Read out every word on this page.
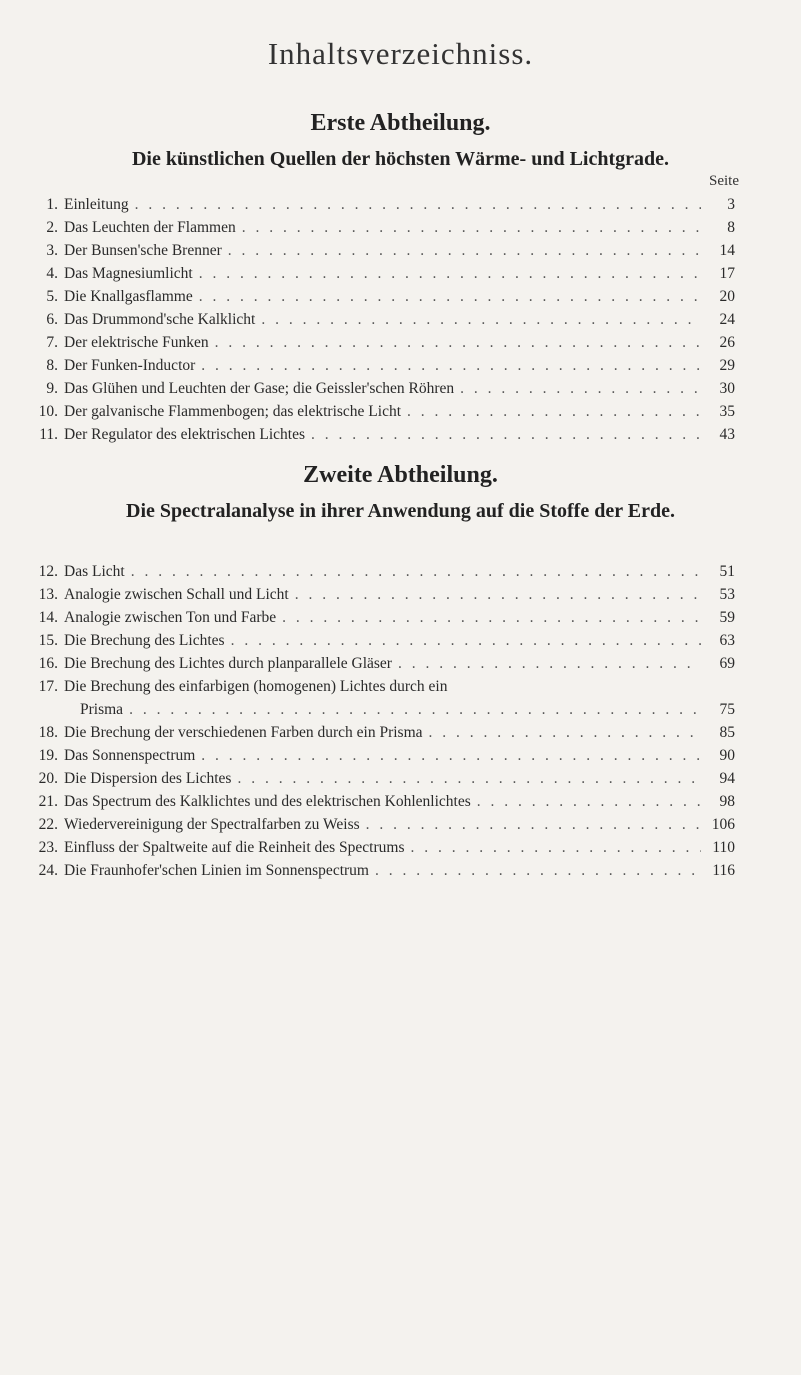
Inhaltsverzeichniss.
Erste Abtheilung.
Die künstlichen Quellen der höchsten Wärme- und Lichtgrade.
Seite
1. Einleitung . . .	3
2. Das Leuchten der Flammen . . .	8
3. Der Bunsen'sche Brenner . . .	14
4. Das Magnesiumlicht . . .	17
5. Die Knallgasflamme . . .	20
6. Das Drummond'sche Kalklicht . . .	24
7. Der elektrische Funken . . .	26
8. Der Funken-Inductor . . .	29
9. Das Glühen und Leuchten der Gase; die Geissler'schen Röhren . . .	30
10. Der galvanische Flammenbogen; das elektrische Licht . . .	35
11. Der Regulator des elektrischen Lichtes . . .	43
Zweite Abtheilung.
Die Spectralanalyse in ihrer Anwendung auf die Stoffe der Erde.
12. Das Licht . . .	51
13. Analogie zwischen Schall und Licht . . .	53
14. Analogie zwischen Ton und Farbe . . .	59
15. Die Brechung des Lichtes . . .	63
16. Die Brechung des Lichtes durch planparallele Gläser . . .	69
17. Die Brechung des einfarbigen (homogenen) Lichtes durch ein
Prisma . . .	75
18. Die Brechung der verschiedenen Farben durch ein Prisma . . .	85
19. Das Sonnenspectrum . . .	90
20. Die Dispersion des Lichtes . . .	94
21. Das Spectrum des Kalklichtes und des elektrischen Kohlenlichtes . . .	98
22. Wiedervereinigung der Spectralfarben zu Weiss . . .	106
23. Einfluss der Spaltweite auf die Reinheit des Spectrums . . .	110
24. Die Fraunhofer'schen Linien im Sonnenspectrum . . .	116
